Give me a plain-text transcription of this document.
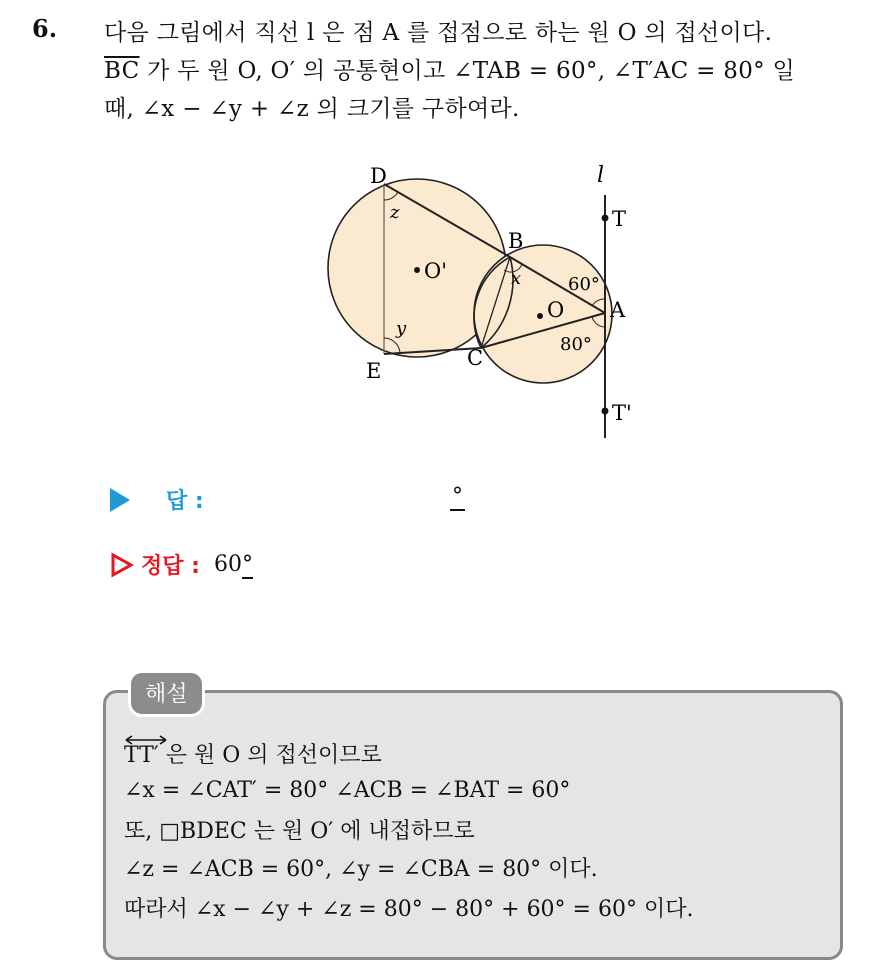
6. 다음 그림에서 직선 l 은 점 A 를 접점으로 하는 원 O 의 접선이다.
$\overline{BC}$ 가 두 원 O, O′ 의 공통현이고 ∠TAB = 60°, ∠T′AC = 80° 일
때, ∠x − ∠y + ∠z 의 크기를 구하여라.
l
D
B
E
C
A
T
T'
O'
O
z
y
x	60°
80°
답 :	°
정답 : 60°
해설
TT′ 은 원 O 의 접선이므로
∠x = ∠CAT′ = 80° ∠ACB = ∠BAT = 60°
또, □BDEC 는 원 O′ 에 내접하므로
∠z = ∠ACB = 60°, ∠y = ∠CBA = 80° 이다.
따라서 ∠x − ∠y + ∠z = 80° − 80° + 60° = 60° 이다.
